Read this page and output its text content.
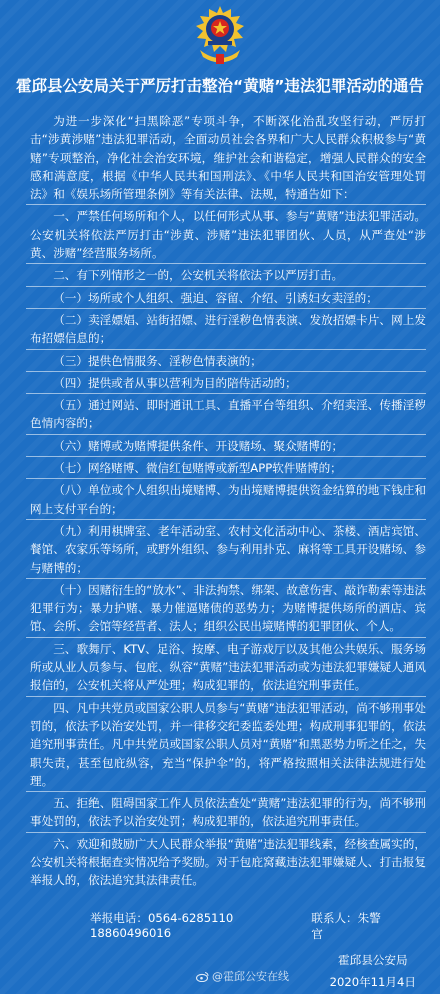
霍邱县公安局关于严厉打击整治“黄赌”违法犯罪活动的通告

为进一步深化“扫黑除恶”专项斗争，不断深化治乱攻坚行动，严厉打击“涉黄涉赌”违法犯罪活动，全面动员社会各界和广大人民群众积极参与“黄赌”专项整治，净化社会治安环境，维护社会和谐稳定，增强人民群众的安全感和满意度，根据《中华人民共和国刑法》、《中华人民共和国治安管理处罚法》和《娱乐场所管理条例》等有关法律、法规，特通告如下：

一、严禁任何场所和个人，以任何形式从事、参与“黄赌”违法犯罪活动。公安机关将依法严厉打击“涉黄、涉赌”违法犯罪团伙、人员，从严查处“涉黄、涉赌”经营服务场所。

二、有下列情形之一的，公安机关将依法予以严厉打击。

（一）场所或个人组织、强迫、容留、介绍、引诱妇女卖淫的；

（二）卖淫嫖娼、站街招嫖、进行淫秽色情表演、发放招嫖卡片、网上发布招嫖信息的；

（三）提供色情服务、淫秽色情表演的；

（四）提供或者从事以营利为目的陪侍活动的；

（五）通过网站、即时通讯工具、直播平台等组织、介绍卖淫、传播淫秽色情内容的；

（六）赌博或为赌博提供条件、开设赌场、聚众赌博的；

（七）网络赌博、微信红包赌博或新型APP软件赌博的；

（八）单位或个人组织出境赌博、为出境赌博提供资金结算的地下钱庄和网上支付平台的；

（九）利用棋牌室、老年活动室、农村文化活动中心、茶楼、酒店宾馆、餐馆、农家乐等场所，或野外组织、参与利用扑克、麻将等工具开设赌场、参与赌博的；

（十）因赌衍生的“放水”、非法拘禁、绑架、故意伤害、敲诈勒索等违法犯罪行为；暴力护赌、暴力催逼赌债的恶势力；为赌博提供场所的酒店、宾馆、会所、会馆等经营者、法人；组织公民出境赌博的犯罪团伙、个人。

三、歌舞厅、KTV、足浴、按摩、电子游戏厅以及其他公共娱乐、服务场所或从业人员参与、包庇、纵容“黄赌”违法犯罪活动或为违法犯罪嫌疑人通风报信的，公安机关将从严处理；构成犯罪的，依法追究刑事责任。

四、凡中共党员或国家公职人员参与“黄赌”违法犯罪活动，尚不够刑事处罚的，依法予以治安处罚，并一律移交纪委监委处理；构成刑事犯罪的，依法追究刑事责任。凡中共党员或国家公职人员对“黄赌”和黑恶势力听之任之，失职失责，甚至包庇纵容，充当“保护伞”的，将严格按照相关法律法规进行处理。

五、拒绝、阻碍国家工作人员依法查处“黄赌”违法犯罪的行为，尚不够刑事处罚的，依法予以治安处罚；构成犯罪的，依法追究刑事责任。

六、欢迎和鼓励广大人民群众举报“黄赌”违法犯罪线索，经核查属实的，公安机关将根据查实情况给予奖励。对于包庇窝藏违法犯罪嫌疑人、打击报复举报人的，依法追究其法律责任。

举报电话：0564-6285110 18860496016
联系人：朱警官
霍邱县公安局
2020年11月4日
@霍邱公安在线
